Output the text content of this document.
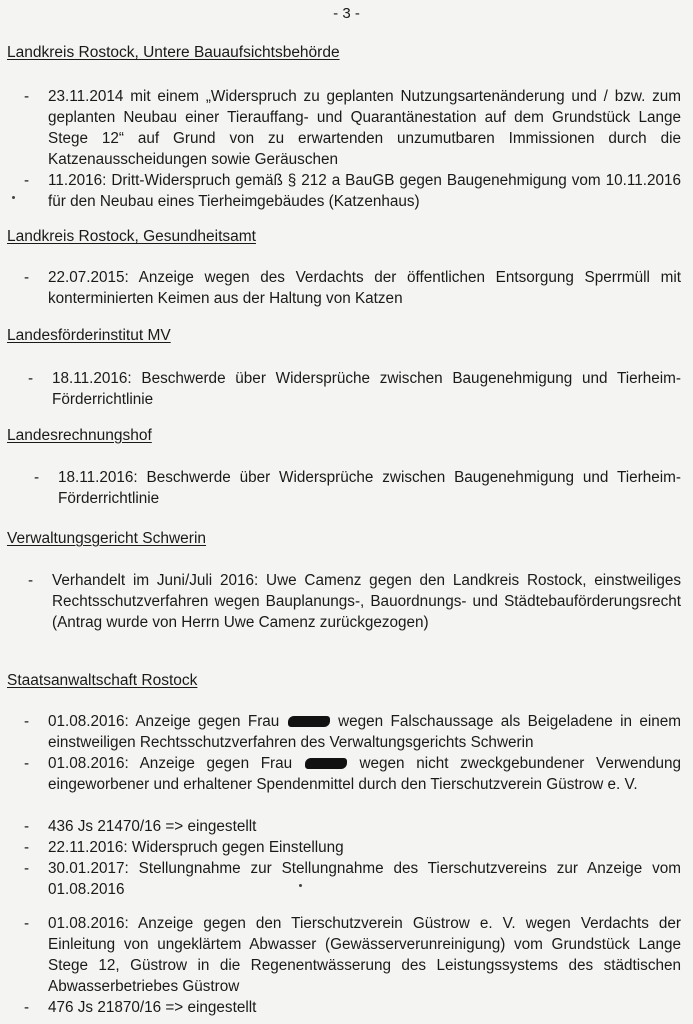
- 3 -
Landkreis Rostock, Untere Bauaufsichtsbehörde
- 23.11.2014 mit einem „Widerspruch zu geplanten Nutzungsartenänderung und / bzw. zum geplanten Neubau einer Tierauffang- und Quarantänestation auf dem Grundstück Lange Stege 12“ auf Grund von zu erwartenden unzumutbaren Immissionen durch die Katzenausscheidungen sowie Geräuschen
- 11.2016: Dritt-Widerspruch gemäß § 212 a BauGB gegen Baugenehmigung vom 10.11.2016 für den Neubau eines Tierheimgebäudes (Katzenhaus)
Landkreis Rostock, Gesundheitsamt
- 22.07.2015: Anzeige wegen des Verdachts der öffentlichen Entsorgung Sperrmüll mit konterminierten Keimen aus der Haltung von Katzen
Landesförderinstitut MV
- 18.11.2016: Beschwerde über Widersprüche zwischen Baugenehmigung und Tierheim-Förderrichtlinie
Landesrechnungshof
- 18.11.2016: Beschwerde über Widersprüche zwischen Baugenehmigung und Tierheim-Förderrichtlinie
Verwaltungsgericht Schwerin
- Verhandelt im Juni/Juli 2016: Uwe Camenz gegen den Landkreis Rostock, einstweiliges Rechtsschutzverfahren wegen Bauplanungs-, Bauordnungs- und Städtebauförderungsrecht (Antrag wurde von Herrn Uwe Camenz zurückgezogen)
Staatsanwaltschaft Rostock
- 01.08.2016: Anzeige gegen Frau	wegen Falschaussage als Beigeladene in einem einstweiligen Rechtsschutzverfahren des Verwaltungsgerichts Schwerin
- 01.08.2016: Anzeige gegen Frau	wegen nicht zweckgebundener Verwendung eingeworbener und erhaltener Spendenmittel durch den Tierschutzverein Güstrow e. V.
- 436 Js 21470/16 => eingestellt
- 22.11.2016: Widerspruch gegen Einstellung
- 30.01.2017: Stellungnahme zur Stellungnahme des Tierschutzvereins zur Anzeige vom 01.08.2016
- 01.08.2016: Anzeige gegen den Tierschutzverein Güstrow e. V. wegen Verdachts der Einleitung von ungeklärtem Abwasser (Gewässerverunreinigung) vom Grundstück Lange Stege 12, Güstrow in die Regenentwässerung des Leistungssystems des städtischen Abwasserbetriebes Güstrow
- 476 Js 21870/16 => eingestellt
